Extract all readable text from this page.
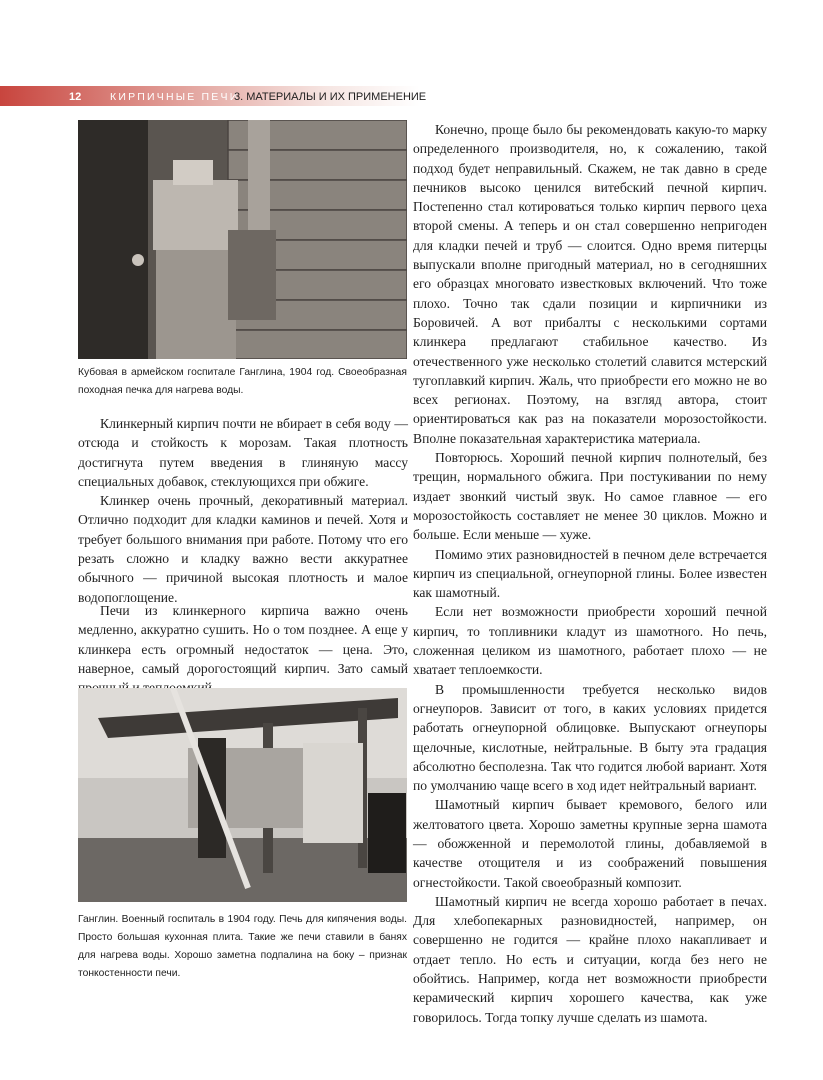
12	КИРПИЧНЫЕ ПЕЧИ
3. МАТЕРИАЛЫ И ИХ ПРИМЕНЕНИЕ

Кубовая в армейском госпитале Ганглина, 1904 год. Своеобразная походная печка для нагрева воды.

Клинкерный кирпич почти не вбирает в себя воду — отсюда и стойкость к морозам. Такая плотность достигнута путем введения в глиняную массу специальных добавок, стеклующихся при обжиге.

Клинкер очень прочный, декоративный материал. Отлично подходит для кладки каминов и печей. Хотя и требует большого внимания при работе. Потому что его резать сложно и кладку важно вести аккуратнее обычного — причиной высокая плотность и малое водопоглощение.

Печи из клинкерного кирпича важно очень медленно, аккуратно сушить. Но о том позднее. А еще у клинкера есть огромный недостаток — цена. Это, наверное, самый дорогостоящий кирпич. Зато самый

Ганглин. Военный госпиталь в 1904 году. Печь для кипячения воды. Просто большая кухонная плита. Такие же печи ставили в банях для нагрева воды. Хорошо заметна подпалина на боку – признак тонкостенности печи.

Конечно, проще было бы рекомендовать какую-то марку определенного производителя, но, к сожалению, такой подход будет неправильный. Скажем, не так давно в среде печников высоко ценился витебский печной кирпич. Постепенно стал котироваться только кирпич первого цеха второй смены. А теперь и он стал совершенно непригоден для кладки печей и труб — слоится. Одно время питерцы выпускали вполне пригодный материал, но в сегодняшних его образцах многовато известковых включений. Что тоже плохо. Точно так сдали позиции и кирпичники из Боровичей. А вот прибалты с несколькими сортами клинкера предлагают стабильное качество. Из отечественного уже несколько столетий славится мстерский тугоплавкий кирпич. Жаль, что приобрести его можно не во всех регионах. Поэтому, на взгляд автора, стоит ориентироваться как раз на показатели морозостойкости. Вполне показательная характеристика материала.

Повторюсь. Хороший печной кирпич полнотелый, без трещин, нормального обжига. При постукивании по нему издает звонкий чистый звук. Но самое главное — его морозостойкость составляет не менее 30 циклов. Можно и больше. Если меньше — хуже.

Помимо этих разновидностей в печном деле встречается кирпич из специальной, огнеупорной глины. Более известен как шамотный.

Если нет возможности приобрести хороший печной кирпич, то топливники кладут из шамотного. Но печь, сложенная целиком из шамотного, работает плохо — не хватает теплоемкости.

В промышленности требуется несколько видов огнеупоров. Зависит от того, в каких условиях придется работать огнеупорной облицовке. Выпускают огнеупоры щелочные, кислотные, нейтральные. В быту эта градация абсолютно бесполезна. Так что годится любой вариант. Хотя по умолчанию чаще всего в ход идет нейтральный вариант.

Шамотный кирпич бывает кремового, белого или желтоватого цвета. Хорошо заметны крупные зерна шамота — обожженной и перемолотой глины, добавляемой в качестве отощителя и из соображений повышения огнестойкости. Такой своеобразный композит.

Шамотный кирпич не всегда хорошо работает в печах. Для хлебопекарных разновидностей, например, он совершенно не годится — крайне плохо накапливает и отдает тепло. Но есть и ситуации, когда без него не обойтись. Например, когда нет возможности приобрести керамический кирпич хорошего качества, как уже говорилось. Тогда топку лучше сделать из шамота.
